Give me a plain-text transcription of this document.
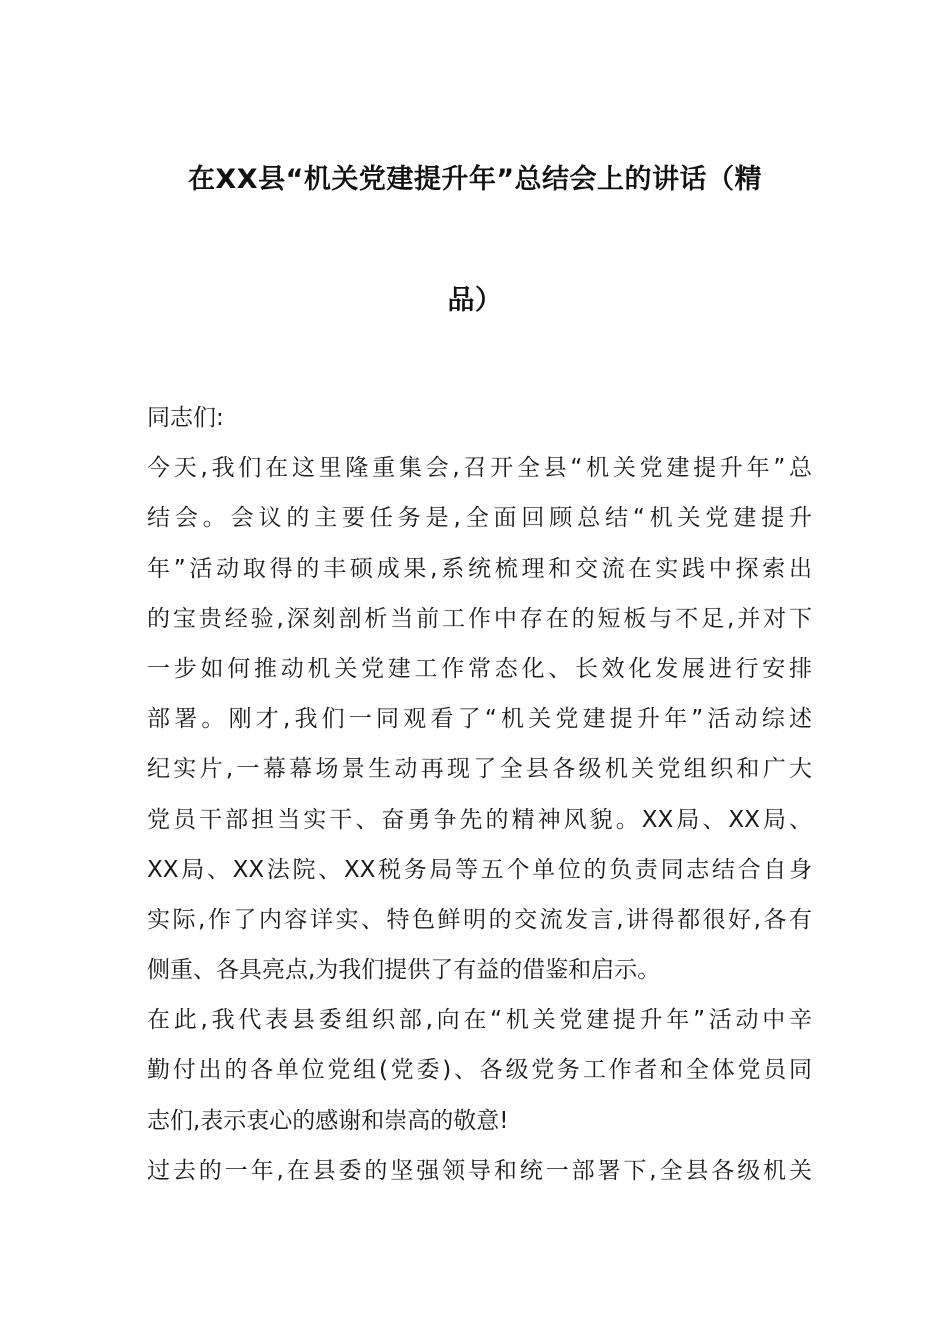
在XX县“机关党建提升年”总结会上的讲话（精
品）
同志们:
今天,我们在这里隆重集会,召开全县“机关党建提升年”总
结会。会议的主要任务是,全面回顾总结“机关党建提升
年”活动取得的丰硕成果,系统梳理和交流在实践中探索出
的宝贵经验,深刻剖析当前工作中存在的短板与不足,并对下
一步如何推动机关党建工作常态化、长效化发展进行安排
部署。刚才,我们一同观看了“机关党建提升年”活动综述
纪实片,一幕幕场景生动再现了全县各级机关党组织和广大
党员干部担当实干、奋勇争先的精神风貌。XX局、XX局、
XX局、XX法院、XX税务局等五个单位的负责同志结合自身
实际,作了内容详实、特色鲜明的交流发言,讲得都很好,各有
侧重、各具亮点,为我们提供了有益的借鉴和启示。
在此,我代表县委组织部,向在“机关党建提升年”活动中辛
勤付出的各单位党组(党委)、各级党务工作者和全体党员同
志们,表示衷心的感谢和崇高的敬意!
过去的一年,在县委的坚强领导和统一部署下,全县各级机关
